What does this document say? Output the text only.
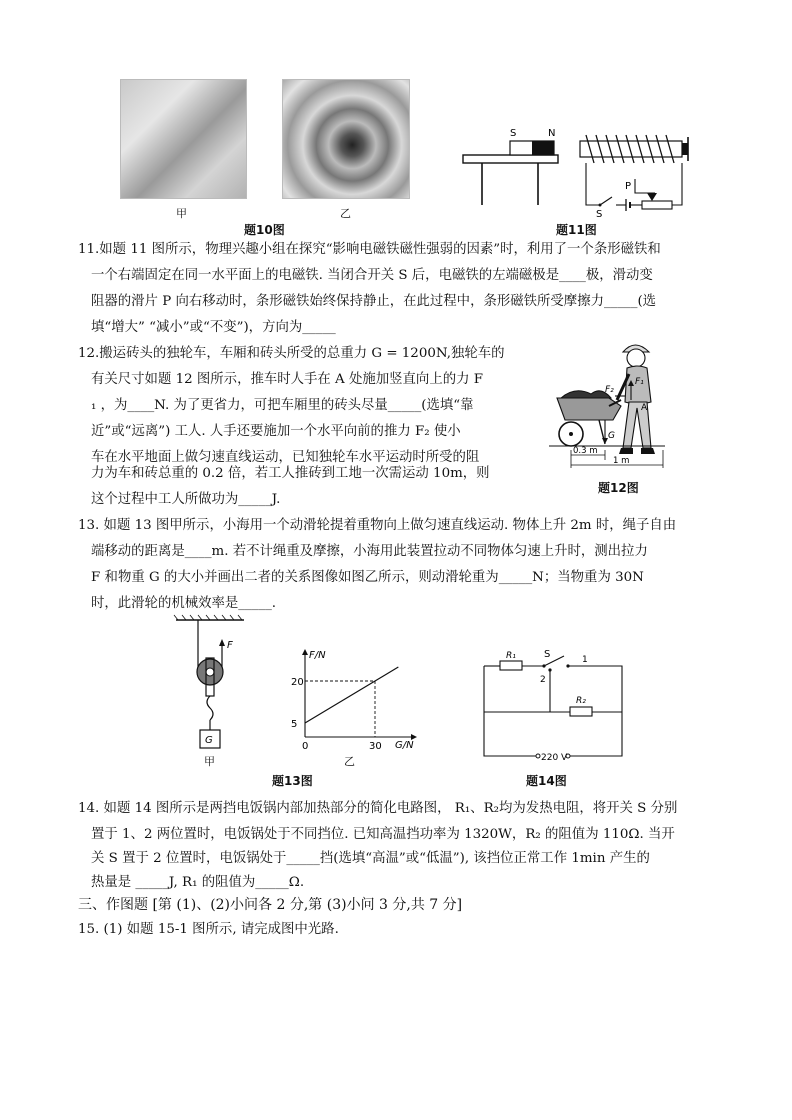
甲	乙
题10图
S	N
P
S
题11图
11.如题 11 图所示，物理兴趣小组在探究“影响电磁铁磁性强弱的因素”时，利用了一个条形磁铁和
一个右端固定在同一水平面上的电磁铁. 当闭合开关 S 后，电磁铁的左端磁极是____极，滑动变
阻器的滑片 P 向右移动时，条形磁铁始终保持静止，在此过程中，条形磁铁所受摩擦力_____(选
填“增大” “减小”或“不变”)，方向为_____
12.搬运砖头的独轮车，车厢和砖头所受的总重力 G = 1200N,独轮车的
有关尺寸如题 12 图所示，推车时人手在 A 处施加竖直向上的力 F
₁ ，为____N. 为了更省力，可把车厢里的砖头尽量_____(选填“靠
近”或“远离”) 工人. 人手还要施加一个水平向前的推力 F₂ 使小
车在水平地面上做匀速直线运动，已知独轮车水平运动时所受的阻
力为车和砖总重的 0.2 倍，若工人推砖到工地一次需运动 10m，则
这个过程中工人所做功为_____J.
G
F₁
F₂
A
0.3 m
1 m
题12图
13. 如题 13 图甲所示，小海用一个动滑轮提着重物向上做匀速直线运动. 物体上升 2m 时，绳子自由
端移动的距离是____m. 若不计绳重及摩擦，小海用此装置拉动不同物体匀速上升时，测出拉力
F 和物重 G 的大小并画出二者的关系图像如图乙所示，则动滑轮重为_____N；当物重为 30N
时，此滑轮的机械效率是_____.
F
G
甲
F/N
G/N
5
20
0	30
乙
题13图
R₁	S	1
2
R₂
220 V
题14图
14. 如题 14 图所示是两挡电饭锅内部加热部分的简化电路图， R₁、R₂均为发热电阻，将开关 S 分别
置于 1、2 两位置时，电饭锅处于不同挡位. 已知高温挡功率为 1320W，R₂ 的阻值为 110Ω. 当开
关 S 置于 2 位置时，电饭锅处于_____挡(选填“高温”或“低温”), 该挡位正常工作 1min 产生的
热量是 _____J, R₁ 的阻值为_____Ω.
三、作图题 [第 (1)、(2)小问各 2 分,第 (3)小问 3 分,共 7 分]
15. (1) 如题 15-1 图所示, 请完成图中光路.
